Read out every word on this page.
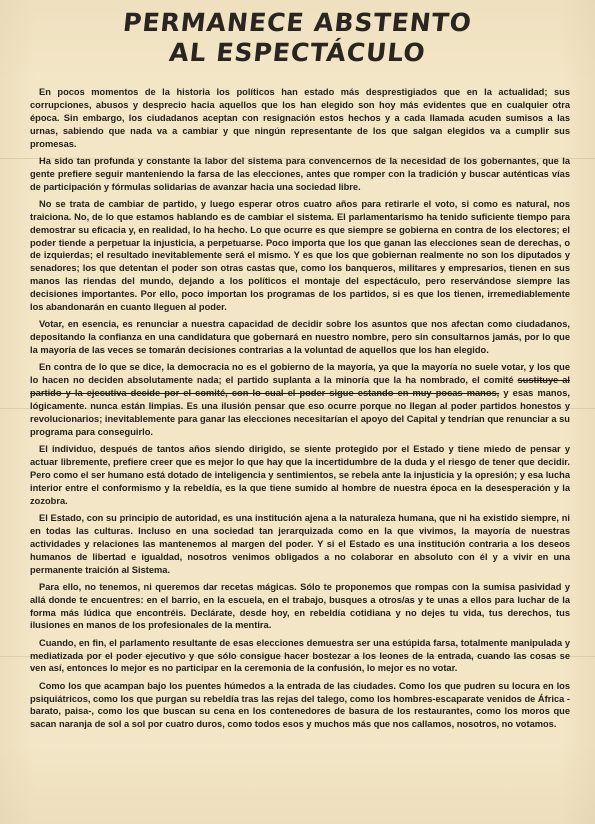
PERMANECE ABSTENTO
AL ESPECTÁCULO

En pocos momentos de la historia los políticos han estado más desprestigiados que en la actualidad; sus corrupciones, abusos y desprecio hacia aquellos que los han elegido son hoy más evidentes que en cualquier otra época. Sin embargo, los ciudadanos aceptan con resignación estos hechos y a cada llamada acuden sumisos a las urnas, sabiendo que nada va a cambiar y que ningún representante de los que salgan elegidos va a cumplir sus promesas.

Ha sido tan profunda y constante la labor del sistema para convencernos de la necesidad de los gobernantes, que la gente prefiere seguir manteniendo la farsa de las elecciones, antes que romper con la tradición y buscar auténticas vías de participación y fórmulas solidarias de avanzar hacia una sociedad libre.

No se trata de cambiar de partido, y luego esperar otros cuatro años para retirarle el voto, si como es natural, nos traiciona. No, de lo que estamos hablando es de cambiar el sistema. El parlamentarismo ha tenido suficiente tiempo para demostrar su eficacia y, en realidad, lo ha hecho. Lo que ocurre es que siempre se gobierna en contra de los electores; el poder tiende a perpetuar la injusticia, a perpetuarse. Poco importa que los que ganan las elecciones sean de derechas, o de izquierdas; el resultado inevitablemente será el mismo. Y es que los que gobiernan realmente no son los diputados y senadores; los que detentan el poder son otras castas que, como los banqueros, militares y empresarios, tienen en sus manos las riendas del mundo, dejando a los políticos el montaje del espectáculo, pero reservándose siempre las decisiones importantes. Por ello, poco importan los programas de los partidos, si es que los tienen, irremediablemente los abandonarán en cuanto lleguen al poder.

Votar, en esencia, es renunciar a nuestra capacidad de decidir sobre los asuntos que nos afectan como ciudadanos, depositando la confianza en una candidatura que gobernará en nuestro nombre, pero sin consultarnos jamás, por lo que la mayoría de las veces se tomarán decisiones contrarias a la voluntad de aquellos que los han elegido.

En contra de lo que se dice, la democracia no es el gobierno de la mayoría, ya que la mayoría no suele votar, y los que lo hacen no deciden absolutamente nada; el partido suplanta a la minoría que la ha nombrado, el comité sustituye al partido y la ejecutiva decide por el comité, con lo cual el poder sigue estando en muy pocas manos, y esas manos, lógicamente. nunca están limpias. Es una ilusión pensar que eso ocurre porque no llegan al poder partidos honestos y revolucionarios; inevitablemente para ganar las elecciones necesitarían el apoyo del Capital y tendrían que renunciar a su programa para conseguirlo.

El individuo, después de tantos años siendo dirigido, se siente protegido por el Estado y tiene miedo de pensar y actuar libremente, prefiere creer que es mejor lo que hay que la incertidumbre de la duda y el riesgo de tener que decidir. Pero como el ser humano está dotado de inteligencia y sentimientos, se rebela ante la injusticia y la opresión; y esa lucha interior entre el conformismo y la rebeldía, es la que tiene sumido al hombre de nuestra época en la desesperación y la zozobra.

El Estado, con su principio de autoridad, es una institución ajena a la naturaleza humana, que ni ha existido siempre, ni en todas las culturas. Incluso en una sociedad tan jerarquizada como en la que vivimos, la mayoría de nuestras actividades y relaciones las mantenemos al margen del poder. Y si el Estado es una institución contraria a los deseos humanos de libertad e igualdad, nosotros venimos obligados a no colaborar en absoluto con él y a vivir en una permanente traición al Sistema.

Para ello, no tenemos, ni queremos dar recetas mágicas. Sólo te proponemos que rompas con la sumisa pasividad y allá donde te encuentres: en el barrio, en la escuela, en el trabajo, busques a otros/as y te unas a ellos para luchar de la forma más lúdica que encontréis. Declárate, desde hoy, en rebeldía cotidiana y no dejes tu vida, tus derechos, tus ilusiones en manos de los profesionales de la mentira.

Cuando, en fin, el parlamento resultante de esas elecciones demuestra ser una estúpida farsa, totalmente manipulada y mediatizada por el poder ejecutivo y que sólo consigue hacer bostezar a los leones de la entrada, cuando las cosas se ven así, entonces lo mejor es no participar en la ceremonia de la confusión, lo mejor es no votar.

Como los que acampan bajo los puentes húmedos a la entrada de las ciudades. Como los que pudren su locura en los psiquiátricos, como los que purgan su rebeldía tras las rejas del talego, como los hombres-escaparate venidos de África -barato, paisa-, como los que buscan su cena en los contenedores de basura de los restaurantes, como los moros que sacan naranja de sol a sol por cuatro duros, como todos esos y muchos más que nos callamos, nosotros, no votamos.
